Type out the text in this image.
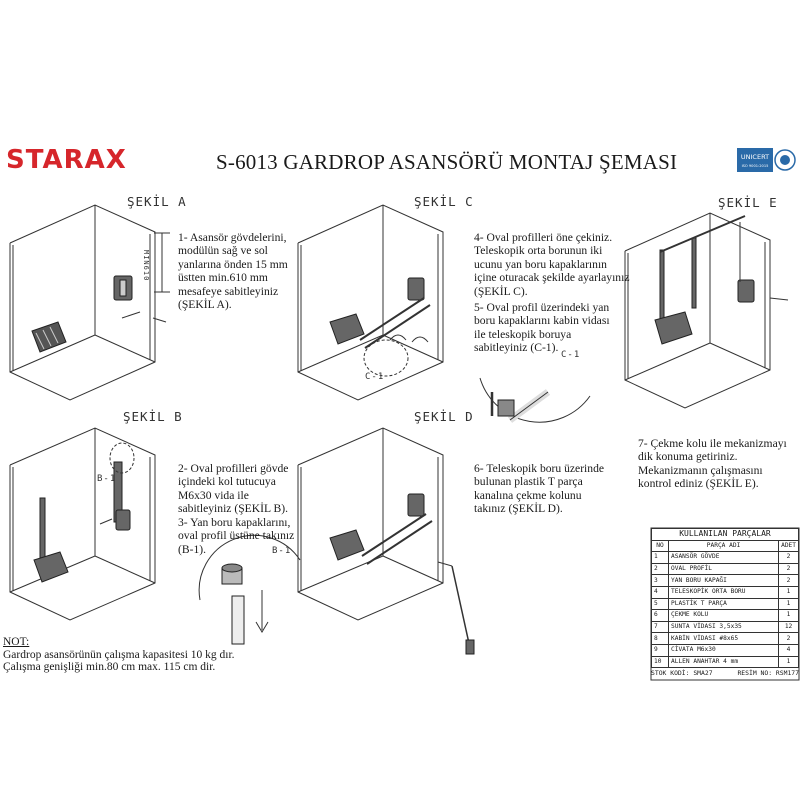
STARAX	S-6013 GARDROP ASANSÖRÜ MONTAJ ŞEMASI	UNICERT
ISO 9001:2015
ŞEKİL A
ŞEKİL B
ŞEKİL C
ŞEKİL D
ŞEKİL E
C-1
C-1
B-1
B-1
MIN610

1- Asansör gövdelerini,

modülün sağ ve sol

yanlarına önden 15 mm

üstten min.610 mm

mesafeye sabitleyiniz

(ŞEKİL A).

2- Oval profilleri gövde

içindeki kol tutucuya

M6x30 vida ile

sabitleyiniz (ŞEKİL B).

3- Yan boru kapaklarını,

oval profil üstüne takınız

(B-1).

4- Oval profilleri öne çekiniz.

Teleskopik orta borunun iki

ucunu yan boru kapaklarının

içine oturacak şekilde ayarlayınız

(ŞEKİL C).

5- Oval profil üzerindeki yan

boru kapaklarını kabin vidası

ile teleskopik boruya

sabitleyiniz (C-1).

6- Teleskopik boru üzerinde

bulunan plastik T parça

kanalına çekme kolunu

takınız (ŞEKİL D).

7- Çekme kolu ile mekanizmayı

dik konuma getiriniz.

Mekanizmanın çalışmasını

kontrol ediniz (ŞEKİL E).

NOT:

Gardrop asansörünün çalışma kapasitesi 10 kg dır.

Çalışma genişliği min.80 cm max. 115 cm dir.

KULLANILAN PARÇALAR		
NO	PARÇA ADI	ADET
1	ASANSÖR GÖVDE	2
2	OVAL PROFİL	2
3	YAN BORU KAPAĞI	2
4	TELESKOPİK ORTA BORU	1
5	PLASTİK T PARÇA	1
6	ÇEKME KOLU	1
7	SUNTA VİDASI 3,5x35	12
8	KABİN VİDASI #8x65	2
9	CİVATA M6x30	4
10	ALLEN ANAHTAR 4 mm	1
STOK KODİ: SMA27	RESİM NO: RSM177
